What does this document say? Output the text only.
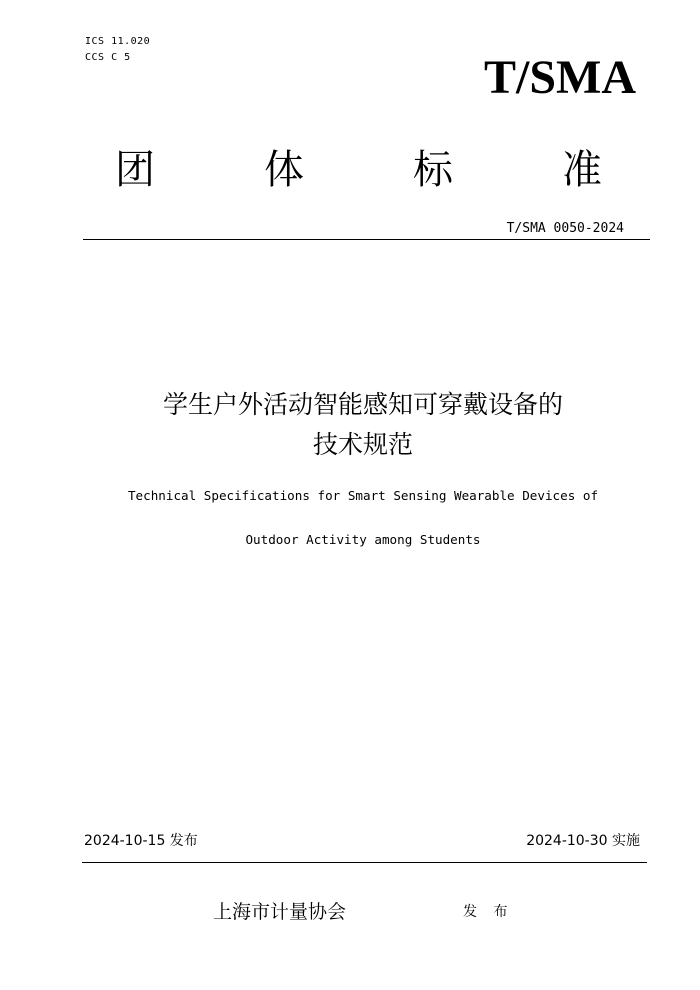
ICS 11.020
CCS C 5	T/SMA
团	体	标	准
T/SMA 0050-2024
学生户外活动智能感知可穿戴设备的
技术规范
Technical Specifications for Smart Sensing Wearable Devices of
Outdoor Activity among Students
2024-10-15 发布	2024-10-30 实施
上海市计量协会	发 布
